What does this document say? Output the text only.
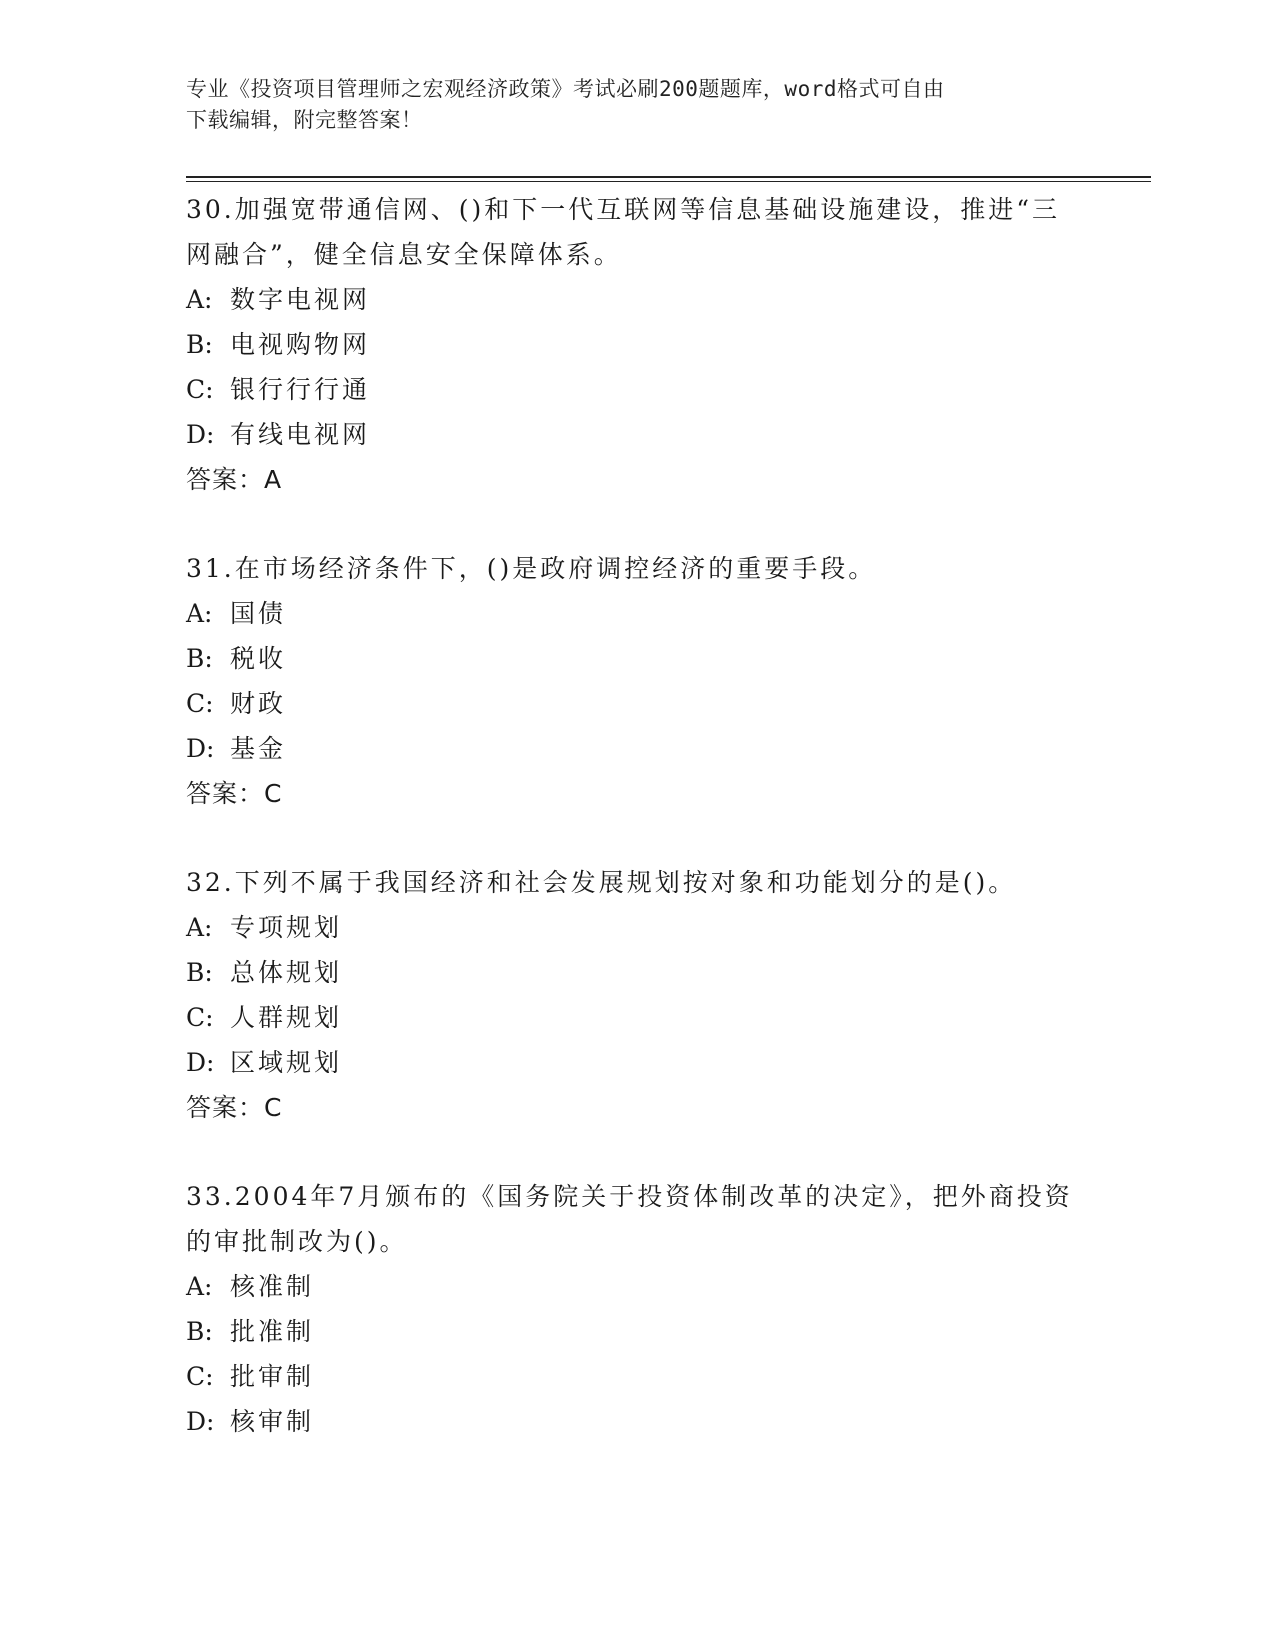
专业《投资项目管理师之宏观经济政策》考试必刷200题题库，word格式可自由
下载编辑，附完整答案！
30.加强宽带通信网、()和下一代互联网等信息基础设施建设，推进“三网融合”，健全信息安全保障体系。
A: 数字电视网
B: 电视购物网
C: 银行行行通
D: 有线电视网
答案：A
31.在市场经济条件下，()是政府调控经济的重要手段。
A: 国债
B: 税收
C: 财政
D: 基金
答案：C
32.下列不属于我国经济和社会发展规划按对象和功能划分的是()。
A: 专项规划
B: 总体规划
C: 人群规划
D: 区域规划
答案：C
33.2004年7月颁布的《国务院关于投资体制改革的决定》，把外商投资的审批制改为()。
A: 核准制
B: 批准制
C: 批审制
D: 核审制
